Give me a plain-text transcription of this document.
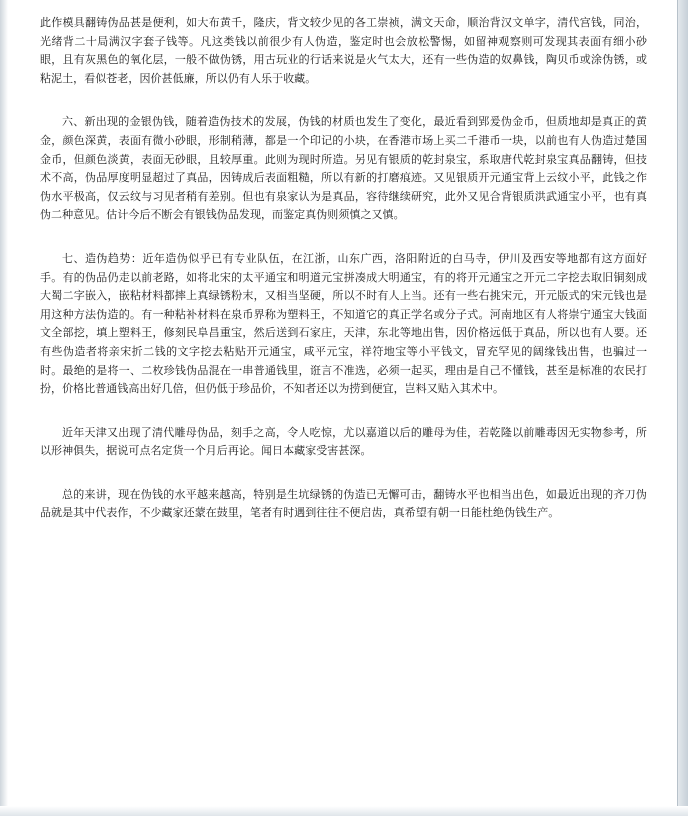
此作模具翻铸伪品甚是便利，如大布黄千，隆庆，背文较少见的各工崇祯，满文天命，顺治背汉文单字，清代宫钱，同治，光绪背二十局满汉字套子钱等。凡这类钱以前很少有人伪造，鉴定时也会放松警惕，如留神观察则可发现其表面有细小砂眼，且有灰黑色的氧化层，一般不做伪锈，用古玩业的行话来说是火气太大，还有一些伪造的奴鼻钱，陶贝币或涂伪锈，或粘泥土，看似苍老，因价甚低廉，所以仍有人乐于收藏。

六、新出现的金银伪钱，随着造伪技术的发展，伪钱的材质也发生了变化，最近看到郢爰伪金币，但质地却是真正的黄金，颜色深黄，表面有微小砂眼，形制稍薄，都是一个印记的小块，在香港市场上买二千港币一块，以前也有人伪造过楚国金币，但颜色淡黄，表面无砂眼，且较厚重。此则为现时所造。另见有银质的乾封泉宝，系取唐代乾封泉宝真品翻铸，但技术不高，伪品厚度明显超过了真品，因铸成后表面粗糙，所以有新的打磨痕迹。又见银质开元通宝背上云纹小平，此钱之作伪水平极高，仅云纹与习见者稍有差别。但也有泉家认为是真品，容待继续研究，此外又见合背银质洪武通宝小平，也有真伪二种意见。估计今后不断会有银钱伪品发现，而鉴定真伪则须慎之又慎。

七、造伪趋势：近年造伪似乎已有专业队伍，在江浙，山东广西，洛阳附近的白马寺，伊川及西安等地都有这方面好手。有的伪品仍走以前老路，如将北宋的太平通宝和明道元宝拼凑成大明通宝，有的将开元通宝之开元二字挖去取旧铜刻成大蜀二字嵌入，嵌粘材料都摔上真绿锈粉末，又相当坚硬，所以不时有人上当。还有一些右挑宋元，开元版式的宋元钱也是用这种方法伪造的。有一种粘补材料在泉币界称为塑料王，不知道它的真正学名或分子式。河南地区有人将崇宁通宝大钱面文全部挖，填上塑料王，修刻民阜昌重宝，然后送到石家庄，天津，东北等地出售，因价格远低于真品，所以也有人要。还有些伪造者将亲宋折二钱的文字挖去粘贴开元通宝，咸平元宝，祥符地宝等小平钱文，冒充罕见的阔缘钱出售，也骗过一时。最绝的是将一、二枚珍钱伪品混在一串普通钱里，诳言不准选，必须一起买，理由是自己不懂钱，甚至是标准的农民打扮，价格比普通钱高出好几倍，但仍低于珍品价，不知者还以为捞到便宜，岂料又贴入其术中。

近年天津又出现了清代雕母伪品，刻手之高，令人吃惊，尤以嘉道以后的雕母为佳，若乾隆以前雕毒因无实物参考，所以形神俱失，据说可点名定货一个月后再论。闻日本藏家受害甚深。

总的来讲，现在伪钱的水平越来越高，特别是生坑绿锈的伪造已无懈可击，翻铸水平也相当出色，如最近出现的齐刀伪品就是其中代表作，不少藏家还蒙在鼓里，笔者有时遇到往往不便启齿，真希望有朝一日能杜绝伪钱生产。
